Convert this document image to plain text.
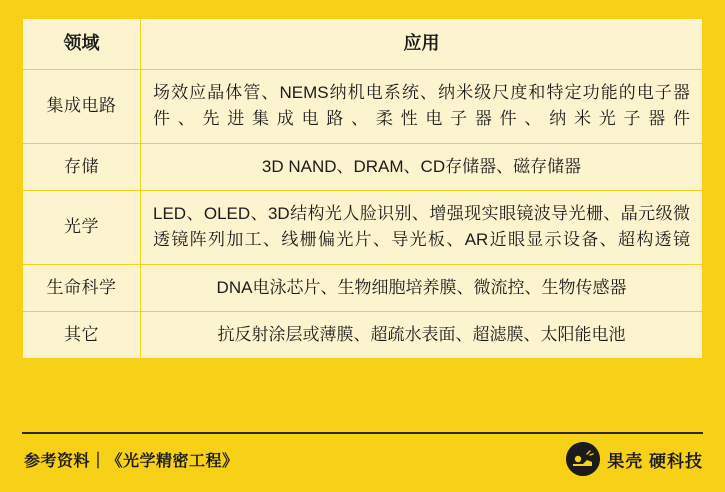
领域	应用
集成电路	场效应晶体管、NEMS纳机电系统、纳米级尺度和特定功能的电子器件、先进集成电路、柔性电子器件、纳米光子器件
存储	3D NAND、DRAM、CD存储器、磁存储器
光学	LED、OLED、3D结构光人脸识别、增强现实眼镜波导光栅、晶元级微透镜阵列加工、线栅偏光片、导光板、AR近眼显示设备、超构透镜
生命科学	DNA电泳芯片、生物细胞培养膜、微流控、生物传感器
其它	抗反射涂层或薄膜、超疏水表面、超滤膜、太阳能电池
参考资料｜《光学精密工程》	果壳 硬科技
